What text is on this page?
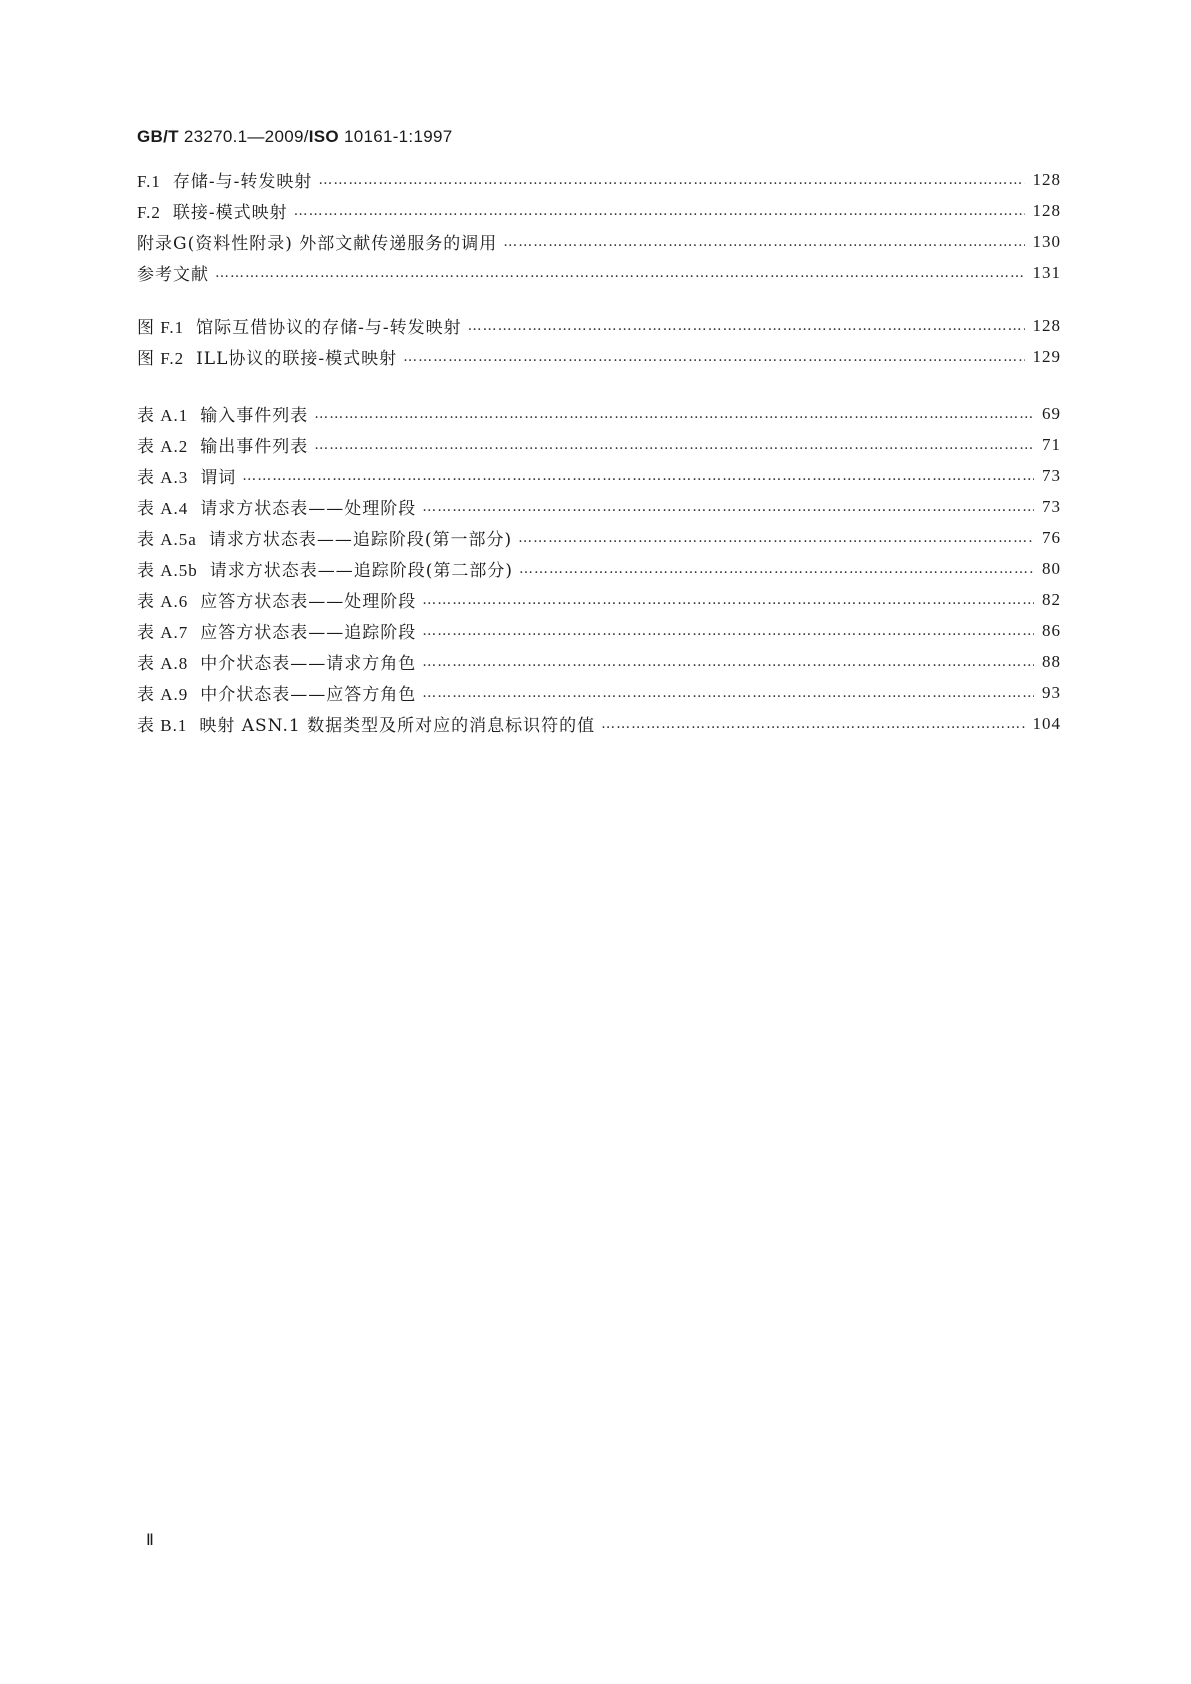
GB/T 23270.1—2009/ISO 10161-1:1997
F.1 存储-与-转发映射 ……………………………………………………………………………………………………………………………………………………………………………………………………	128
F.2 联接-模式映射 ……………………………………………………………………………………………………………………………………………………………………………………………………	128
附录G(资料性附录) 外部文献传递服务的调用 ……………………………………………………………………………………………………………………………………………………………………………………………………	130
参考文献 ……………………………………………………………………………………………………………………………………………………………………………………………………	131
图 F.1 馆际互借协议的存储-与-转发映射 ……………………………………………………………………………………………………………………………………………………………………………………………………	128
图 F.2 ILL协议的联接-模式映射 ……………………………………………………………………………………………………………………………………………………………………………………………………	129
表 A.1 输入事件列表 ……………………………………………………………………………………………………………………………………………………………………………………………………	69
表 A.2 输出事件列表 ……………………………………………………………………………………………………………………………………………………………………………………………………	71
表 A.3 谓词 ……………………………………………………………………………………………………………………………………………………………………………………………………	73
表 A.4 请求方状态表——处理阶段 ……………………………………………………………………………………………………………………………………………………………………………………………………	73
表 A.5a 请求方状态表——追踪阶段(第一部分) ……………………………………………………………………………………………………………………………………………………………………………………………………	76
表 A.5b 请求方状态表——追踪阶段(第二部分) ……………………………………………………………………………………………………………………………………………………………………………………………………	80
表 A.6 应答方状态表——处理阶段 ……………………………………………………………………………………………………………………………………………………………………………………………………	82
表 A.7 应答方状态表——追踪阶段 ……………………………………………………………………………………………………………………………………………………………………………………………………	86
表 A.8 中介状态表——请求方角色 ……………………………………………………………………………………………………………………………………………………………………………………………………	88
表 A.9 中介状态表——应答方角色 ……………………………………………………………………………………………………………………………………………………………………………………………………	93
表 B.1 映射 ASN.1 数据类型及所对应的消息标识符的值 ……………………………………………………………………………………………………………………………………………………………………………………………………	104
Ⅱ
